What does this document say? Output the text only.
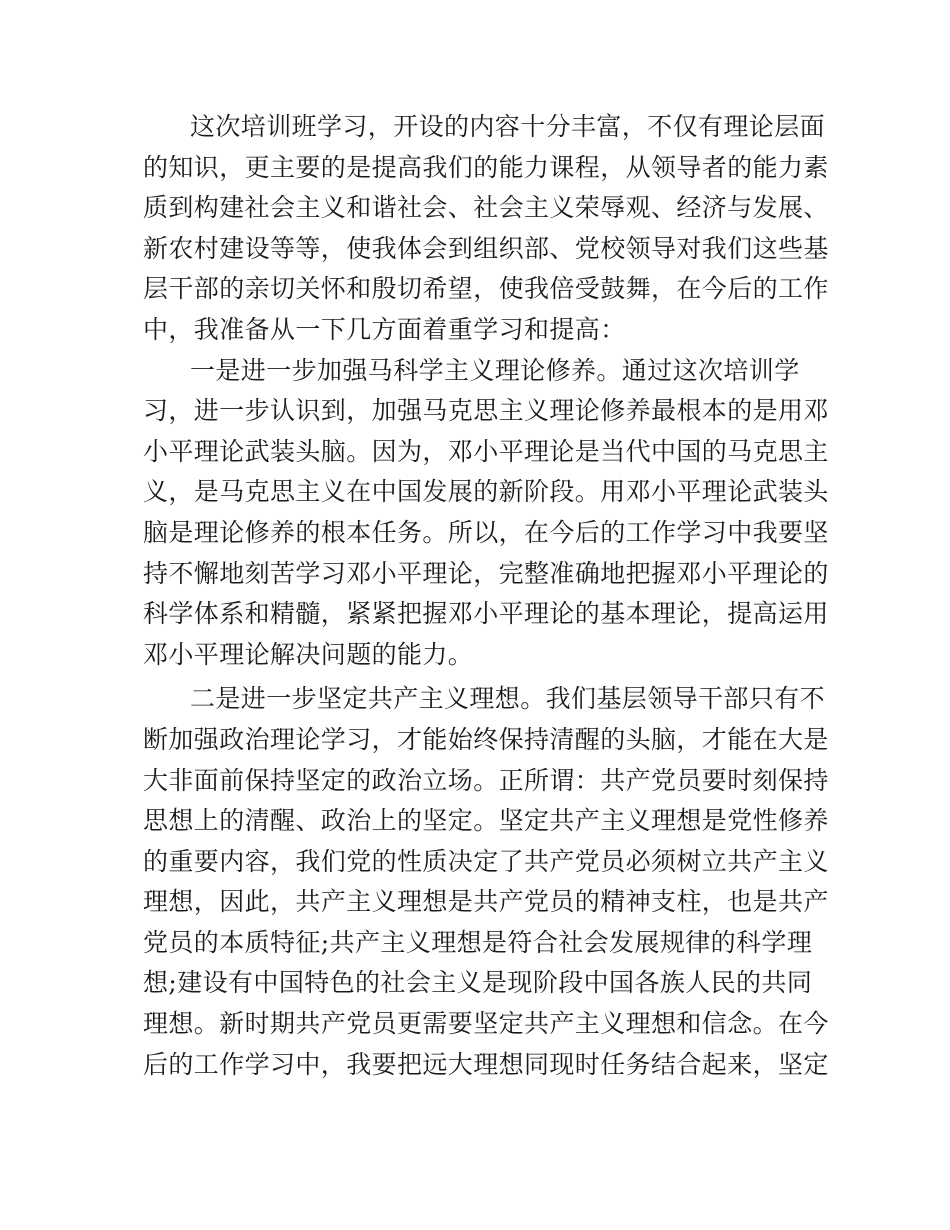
这次培训班学习，开设的内容十分丰富，不仅有理论层面
的知识，更主要的是提高我们的能力课程，从领导者的能力素
质到构建社会主义和谐社会、社会主义荣辱观、经济与发展、
新农村建设等等，使我体会到组织部、党校领导对我们这些基
层干部的亲切关怀和殷切希望，使我倍受鼓舞，在今后的工作
中，我准备从一下几方面着重学习和提高：
一是进一步加强马科学主义理论修养。通过这次培训学
习，进一步认识到，加强马克思主义理论修养最根本的是用邓
小平理论武装头脑。因为，邓小平理论是当代中国的马克思主
义，是马克思主义在中国发展的新阶段。用邓小平理论武装头
脑是理论修养的根本任务。所以，在今后的工作学习中我要坚
持不懈地刻苦学习邓小平理论，完整准确地把握邓小平理论的
科学体系和精髓，紧紧把握邓小平理论的基本理论，提高运用
邓小平理论解决问题的能力。
二是进一步坚定共产主义理想。我们基层领导干部只有不
断加强政治理论学习，才能始终保持清醒的头脑，才能在大是
大非面前保持坚定的政治立场。正所谓：共产党员要时刻保持
思想上的清醒、政治上的坚定。坚定共产主义理想是党性修养
的重要内容，我们党的性质决定了共产党员必须树立共产主义
理想，因此，共产主义理想是共产党员的精神支柱，也是共产
党员的本质特征;共产主义理想是符合社会发展规律的科学理
想;建设有中国特色的社会主义是现阶段中国各族人民的共同
理想。新时期共产党员更需要坚定共产主义理想和信念。在今
后的工作学习中，我要把远大理想同现时任务结合起来，坚定
